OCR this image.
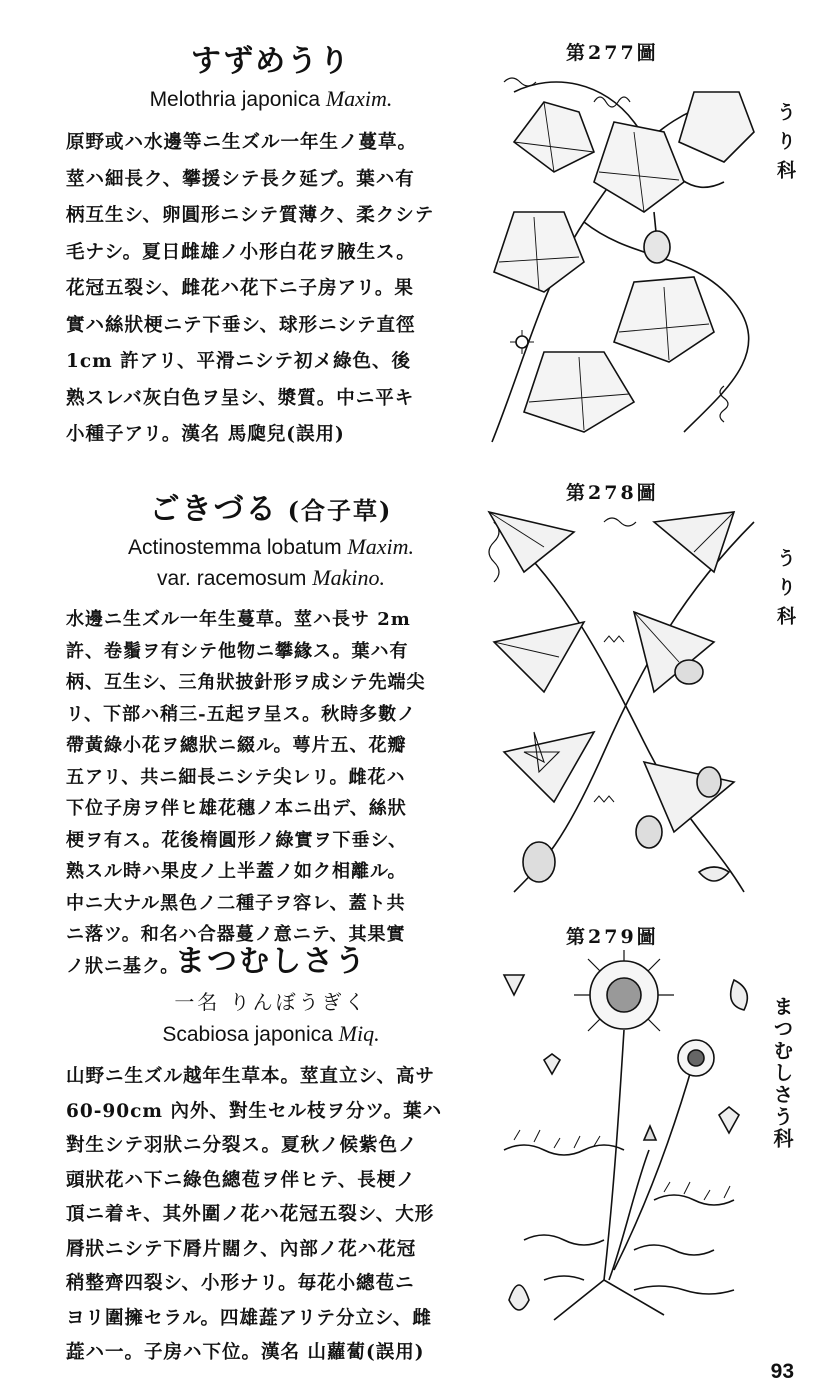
すずめうり

Melothria japonica Maxim.

原野或ハ水邊等ニ生ズル一年生ノ蔓草。
莖ハ細長ク、攀援シテ長ク延ブ。葉ハ有
柄互生シ、卵圓形ニシテ質薄ク、柔クシテ
毛ナシ。夏日雌雄ノ小形白花ヲ腋生ス。
花冠五裂シ、雌花ハ花下ニ子房アリ。果
實ハ絲狀梗ニテ下垂シ、球形ニシテ直徑
1cm 許アリ、平滑ニシテ初メ綠色、後
熟スレバ灰白色ヲ呈シ、漿質。中ニ平キ
小種子アリ。漢名 馬瓟兒(誤用)
第277圖
うり科
ごきづる (合子草)

Actinostemma lobatum Maxim.
var. racemosum Makino.

水邊ニ生ズル一年生蔓草。莖ハ長サ 2m
許、卷鬚ヲ有シテ他物ニ攀緣ス。葉ハ有
柄、互生シ、三角狀披針形ヲ成シテ先端尖
リ、下部ハ稍三-五起ヲ呈ス。秋時多數ノ
帶黃綠小花ヲ總狀ニ綴ル。萼片五、花瓣
五アリ、共ニ細長ニシテ尖レリ。雌花ハ
下位子房ヲ伴ヒ雄花穗ノ本ニ出デ、絲狀
梗ヲ有ス。花後楕圓形ノ綠實ヲ下垂シ、
熟スル時ハ果皮ノ上半蓋ノ如ク相離ル。
中ニ大ナル黑色ノ二種子ヲ容レ、蓋ト共
ニ落ツ。和名ハ合器蔓ノ意ニテ、其果實
ノ狀ニ基ク。
第278圖
うり科
まつむしさう

一名 りんぼうぎく

Scabiosa japonica Miq.

山野ニ生ズル越年生草本。莖直立シ、高サ
60-90cm 內外、對生セル枝ヲ分ツ。葉ハ
對生シテ羽狀ニ分裂ス。夏秋ノ候紫色ノ
頭狀花ハ下ニ綠色總苞ヲ伴ヒテ、長梗ノ
頂ニ着キ、其外圍ノ花ハ花冠五裂シ、大形
脣狀ニシテ下脣片闊ク、內部ノ花ハ花冠
稍整齊四裂シ、小形ナリ。毎花小總苞ニ
ヨリ圍擁セラル。四雄蕋アリテ分立シ、雌
蕋ハ一。子房ハ下位。漢名 山蘿蔔(誤用)
第279圖
まつむしさう科
93
